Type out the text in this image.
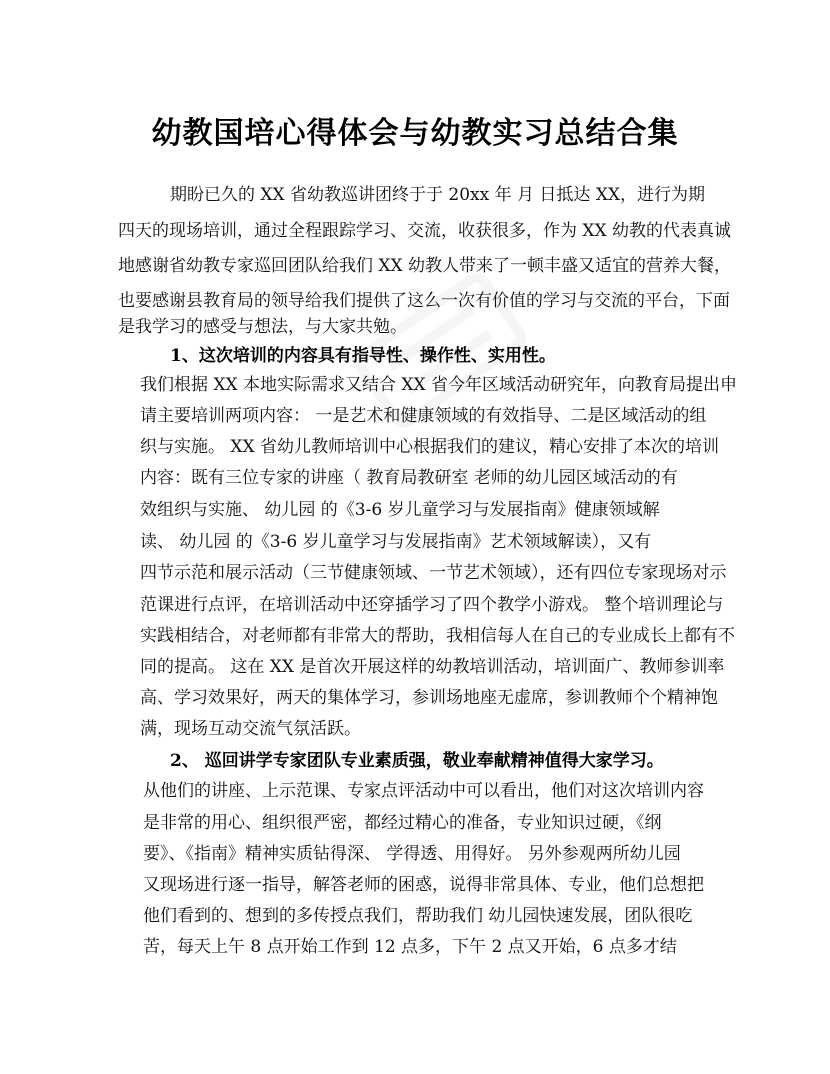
幼教国培心得体会与幼教实习总结合集
期盼已久的 XX 省幼教巡讲团终于于 20xx 年 月 日抵达 XX，进行为期
四天的现场培训，通过全程跟踪学习、交流，收获很多，作为 XX 幼教的代表真诚
地感谢省幼教专家巡回团队给我们 XX 幼教人带来了一顿丰盛又适宜的营养大餐，
也要感谢县教育局的领导给我们提供了这么一次有价值的学习与交流的平台，下面
是我学习的感受与想法，与大家共勉。
1、这次培训的内容具有指导性、操作性、实用性。
我们根据 XX 本地实际需求又结合 XX 省今年区域活动研究年，向教育局提出申
请主要培训两项内容： 一是艺术和健康领域的有效指导、二是区域活动的组
织与实施。 XX 省幼儿教师培训中心根据我们的建议，精心安排了本次的培训
内容：既有三位专家的讲座（ 教育局教研室 老师的幼儿园区域活动的有
效组织与实施、 幼儿园 的《3-6 岁儿童学习与发展指南》健康领域解
读、 幼儿园 的《3-6 岁儿童学习与发展指南》艺术领域解读），又有
四节示范和展示活动（三节健康领域、一节艺术领域），还有四位专家现场对示
范课进行点评，在培训活动中还穿插学习了四个教学小游戏。 整个培训理论与
实践相结合，对老师都有非常大的帮助，我相信每人在自己的专业成长上都有不
同的提高。 这在 XX 是首次开展这样的幼教培训活动，培训面广、教师参训率
高、学习效果好，两天的集体学习，参训场地座无虚席，参训教师个个精神饱
满，现场互动交流气氛活跃。
2、 巡回讲学专家团队专业素质强，敬业奉献精神值得大家学习。
从他们的讲座、上示范课、专家点评活动中可以看出，他们对这次培训内容
是非常的用心、组织很严密，都经过精心的准备，专业知识过硬，《纲
要》、《指南》精神实质钻得深、 学得透、用得好。 另外参观两所幼儿园
又现场进行逐一指导，解答老师的困惑，说得非常具体、专业，他们总想把
他们看到的、想到的多传授点我们，帮助我们 幼儿园快速发展，团队很吃
苦，每天上午 8 点开始工作到 12 点多，下午 2 点又开始，6 点多才结
